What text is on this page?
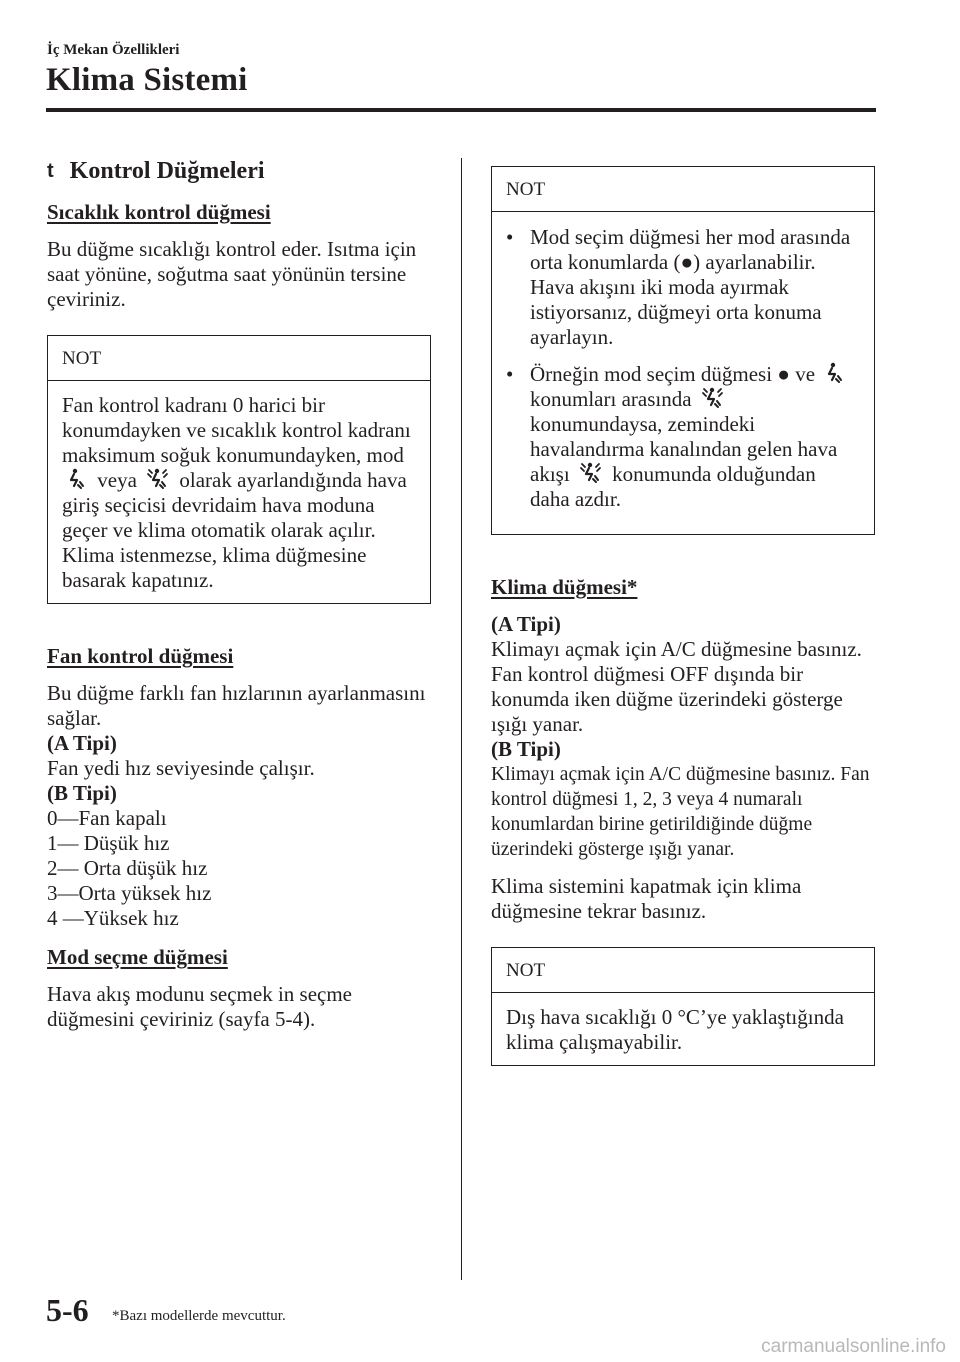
İç Mekan Özellikleri
Klima Sistemi
t Kontrol Düğmeleri
Sıcaklık kontrol düğmesi

Bu düğme sıcaklığı kontrol eder. Isıtma için saat yönüne, soğutma saat yönünün tersine çeviriniz.

NOT
Fan kontrol kadranı 0 harici bir konumdayken ve sıcaklık kontrol kadranı maksimum soğuk konumundayken, mod  veya olarak ayarlandığında hava giriş seçicisi devridaim hava moduna geçer ve klima otomatik olarak açılır. Klima istenmezse, klima düğmesine basarak kapatınız.
Fan kontrol düğmesi

Bu düğme farklı fan hızlarının ayarlanmasını sağlar.

(A Tipi)

Fan yedi hız seviyesinde çalışır.

(B Tipi)

0—Fan kapalı

1— Düşük hız

2— Orta düşük hız

3—Orta yüksek hız

4 —Yüksek hız

Mod seçme düğmesi

Hava akış modunu seçmek in seçme düğmesini çeviriniz (sayfa 5-4).

NOT
• Mod seçim düğmesi her mod arasında orta konumlarda (●) ayarlanabilir. Hava akışını iki moda ayırmak istiyorsanız, düğmeyi orta konuma ayarlayın.
• Örneğin mod seçim düğmesi ● ve  konumları arasında  konumundaysa, zemindeki havalandırma kanalından gelen hava akışı konumunda olduğundan daha azdır.
Klima düğmesi*

(A Tipi)

Klimayı açmak için A/C düğmesine basınız. Fan kontrol düğmesi OFF dışında bir konumda iken düğme üzerindeki gösterge ışığı yanar.

(B Tipi)

Klimayı açmak için A/C düğmesine basınız. Fan kontrol düğmesi 1, 2, 3 veya 4 numaralı konumlardan birine getirildiğinde düğme üzerindeki gösterge ışığı yanar.

Klima sistemini kapatmak için klima düğmesine tekrar basınız.

NOT
Dış hava sıcaklığı 0 °C’ye yaklaştığında klima çalışmayabilir.
5-6 *Bazı modellerde mevcuttur.
carmanualsonline.info
